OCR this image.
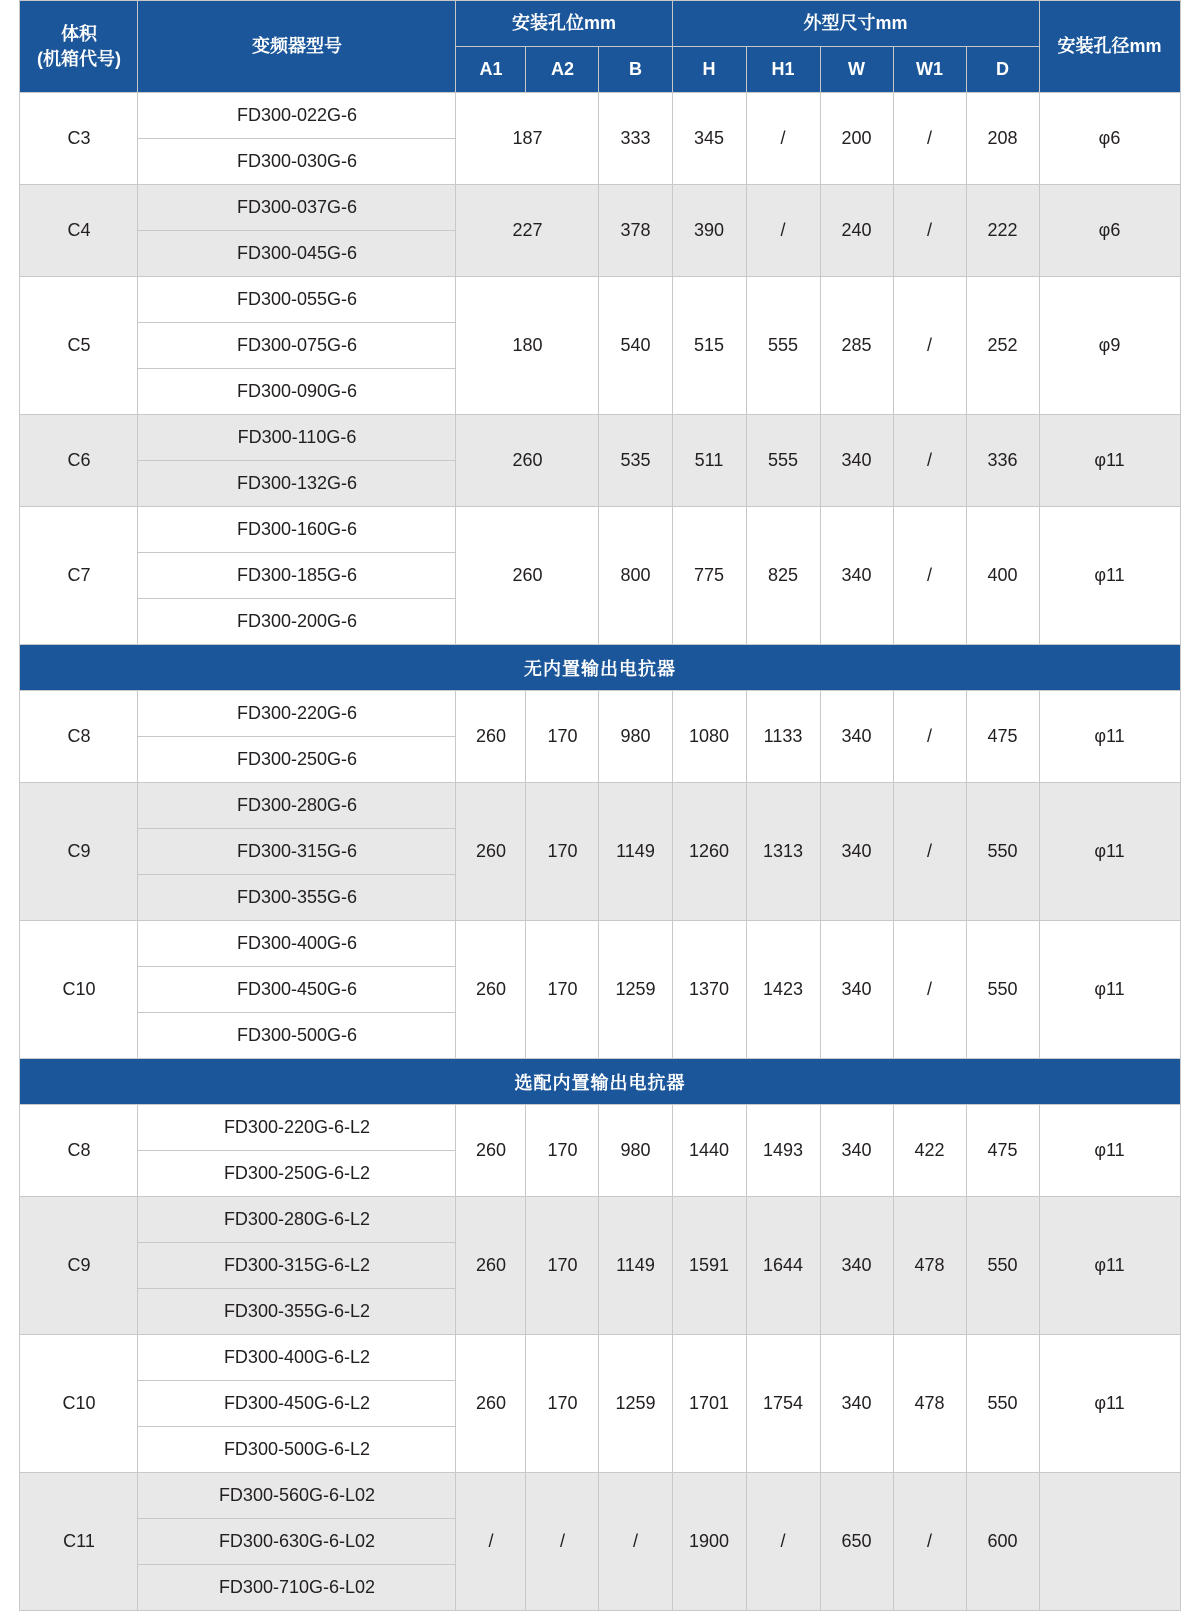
体积
(机箱代号)	变频器型号	安装孔位mm			外型尺寸mm					安装孔径mm
		A1	A2	B	H	H1	W	W1	D	
C3	FD300-022G-6	187		333	345	/	200	/	208	φ6
	FD300-030G-6									
C4	FD300-037G-6	227		378	390	/	240	/	222	φ6
	FD300-045G-6									
C5	FD300-055G-6	180		540	515	555	285	/	252	φ9
	FD300-075G-6									
	FD300-090G-6									
C6	FD300-110G-6	260		535	511	555	340	/	336	φ11
	FD300-132G-6									
C7	FD300-160G-6	260		800	775	825	340	/	400	φ11
	FD300-185G-6									
	FD300-200G-6									
无内置输出电抗器										
C8	FD300-220G-6	260	170	980	1080	1133	340	/	475	φ11
	FD300-250G-6									
C9	FD300-280G-6	260	170	1149	1260	1313	340	/	550	φ11
	FD300-315G-6									
	FD300-355G-6									
C10	FD300-400G-6	260	170	1259	1370	1423	340	/	550	φ11
	FD300-450G-6									
	FD300-500G-6									
选配内置输出电抗器										
C8	FD300-220G-6-L2	260	170	980	1440	1493	340	422	475	φ11
	FD300-250G-6-L2									
C9	FD300-280G-6-L2	260	170	1149	1591	1644	340	478	550	φ11
	FD300-315G-6-L2									
	FD300-355G-6-L2									
C10	FD300-400G-6-L2	260	170	1259	1701	1754	340	478	550	φ11
	FD300-450G-6-L2									
	FD300-500G-6-L2									
C11	FD300-560G-6-L02	/	/	/	1900	/	650	/	600	
	FD300-630G-6-L02									
	FD300-710G-6-L02									
